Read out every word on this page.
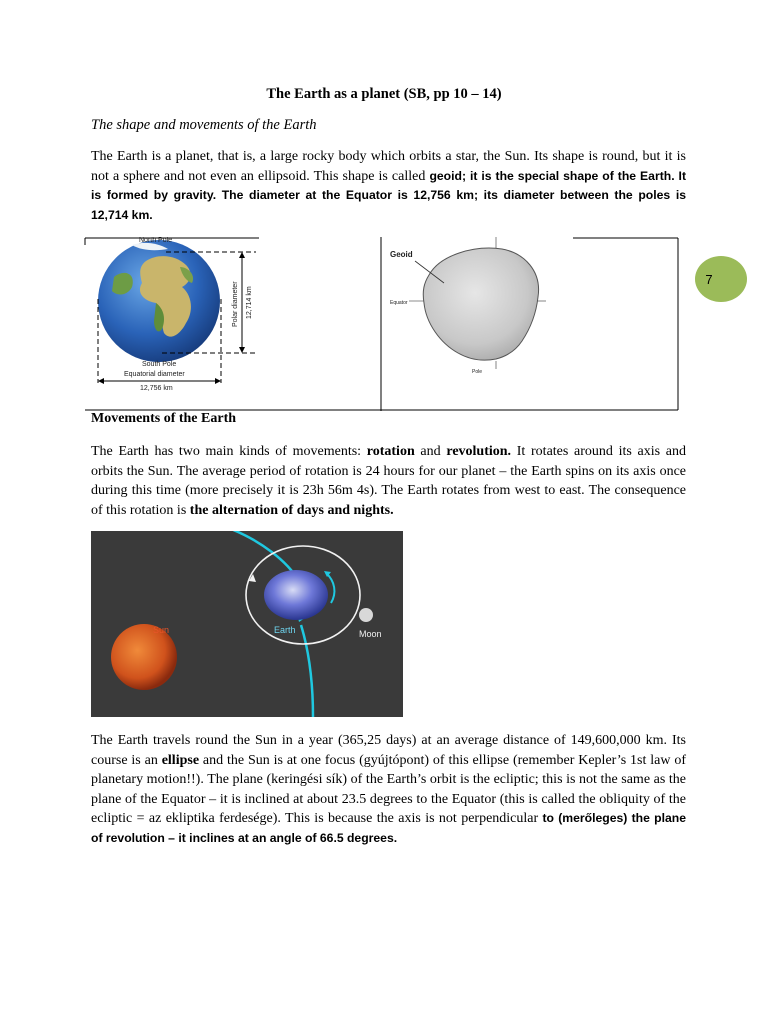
The Earth as a planet (SB, pp 10 – 14)
The shape and movements of the Earth
The Earth is a planet, that is, a large rocky body which orbits a star, the Sun. Its shape is round, but it is not a sphere and not even an ellipsoid. This shape is called geoid; it is the special shape of the Earth. It is formed by gravity. The diameter at the Equator is 12,756 km; its diameter between the poles is 12,714 km.
7
North Pole
South Pole
Polar diameter 12,714 km
Equatorial diameter
12,756 km
Geoid
Equator
Pole
Movements of the Earth
The Earth has two main kinds of movements: rotation and revolution. It rotates around its axis and orbits the Sun. The average period of rotation is 24 hours for our planet – the Earth spins on its axis once during this time (more precisely it is 23h 56m 4s). The Earth rotates from west to east. The consequence of this rotation is the alternation of days and nights.
Sun	Earth	Moon
The Earth travels round the Sun in a year (365,25 days) at an average distance of 149,600,000 km. Its course is an ellipse and the Sun is at one focus (gyújtópont) of this ellipse (remember Kepler’s 1st law of planetary motion!!). The plane (keringési sík) of the Earth’s orbit is the ecliptic; this is not the same as the plane of the Equator – it is inclined at about 23.5 degrees to the Equator (this is called the obliquity of the ecliptic = az ekliptika ferdesége). This is because the axis is not perpendicular to (merőleges) the plane of revolution – it inclines at an angle of 66.5 degrees.
